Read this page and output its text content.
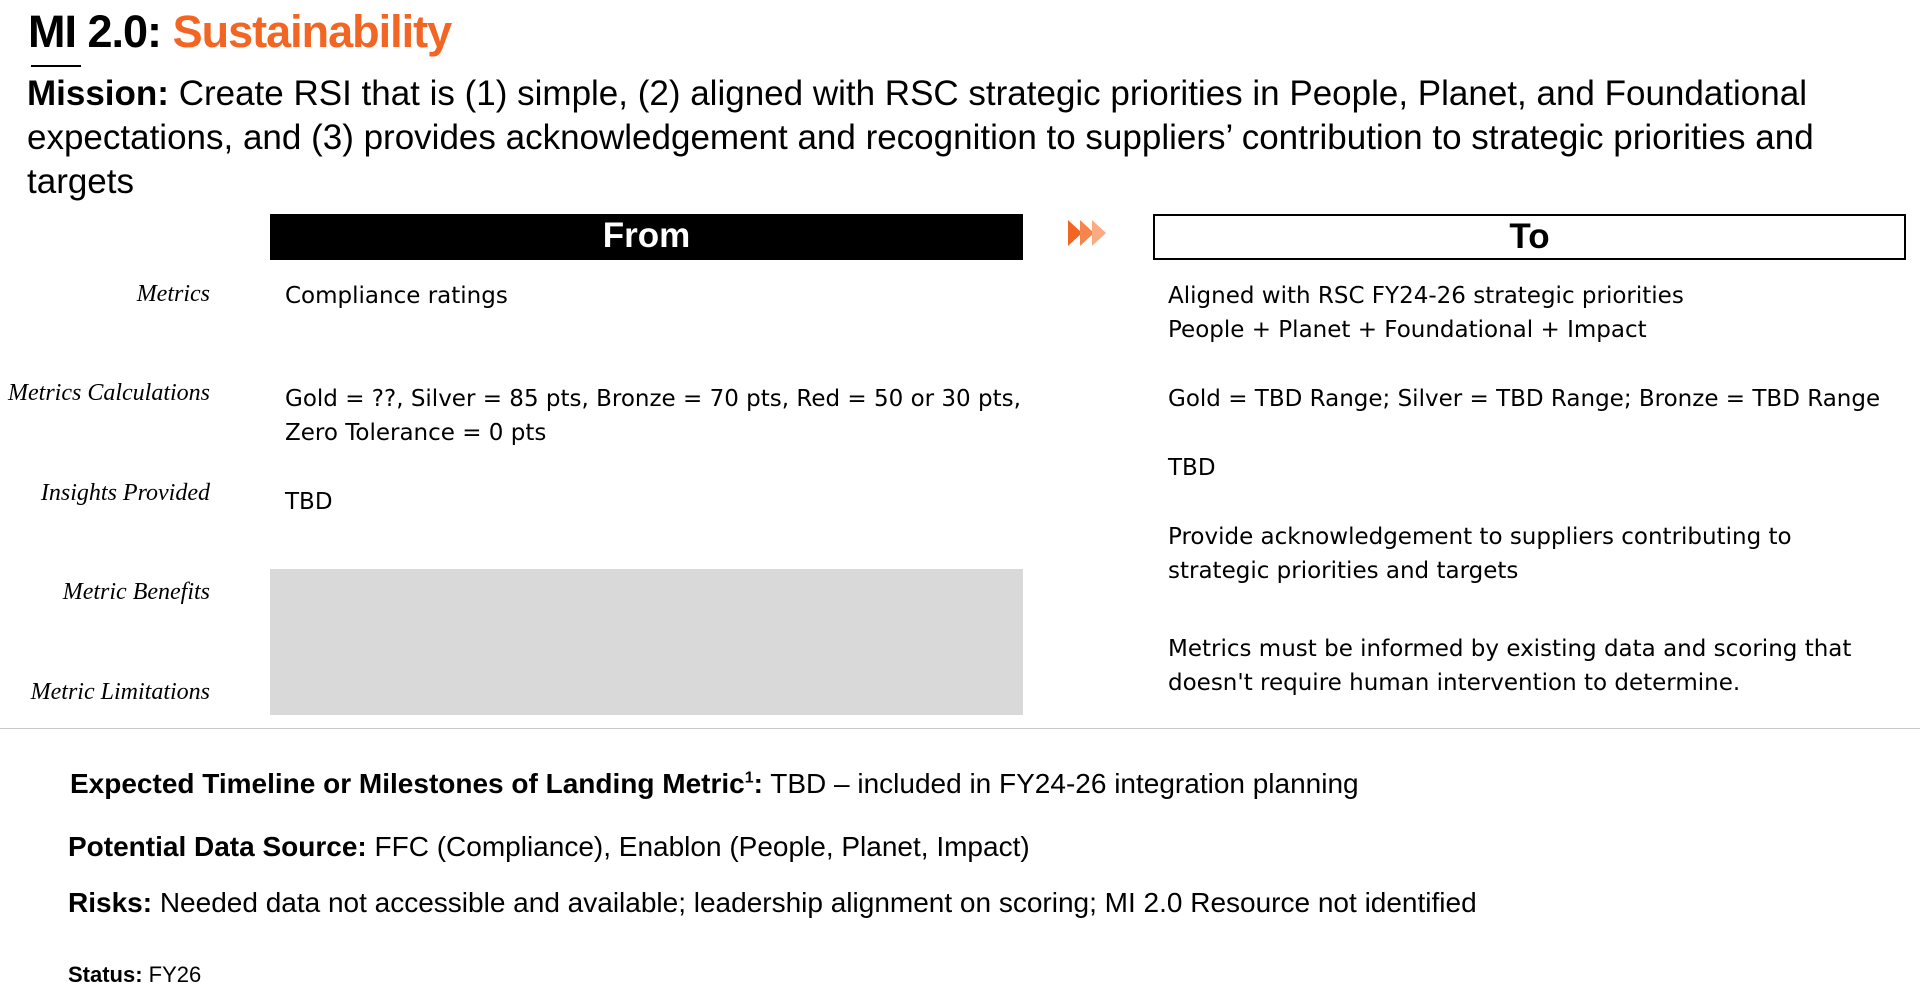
MI 2.0: Sustainability
Mission: Create RSI that is (1) simple, (2) aligned with RSC strategic priorities in People, Planet, and Foundational expectations, and (3) provides acknowledgement and recognition to suppliers’ contribution to strategic priorities and targets
From	To
Metrics
Metrics Calculations
Insights Provided
Metric Benefits
Metric Limitations
Compliance ratings
Gold = ??, Silver = 85 pts, Bronze = 70 pts, Red = 50 or 30 pts,
Zero Tolerance = 0 pts
TBD
Aligned with RSC FY24-26 strategic priorities
People + Planet + Foundational + Impact
Gold = TBD Range; Silver = TBD Range; Bronze = TBD Range
TBD
Provide acknowledgement to suppliers contributing to
strategic priorities and targets
Metrics must be informed by existing data and scoring that
doesn't require human intervention to determine.
Expected Timeline or Milestones of Landing Metric$^1$: TBD – included in FY24-26 integration planning
Potential Data Source: FFC (Compliance), Enablon (People, Planet, Impact)
Risks: Needed data not accessible and available; leadership alignment on scoring; MI 2.0 Resource not identified
Status: FY26
